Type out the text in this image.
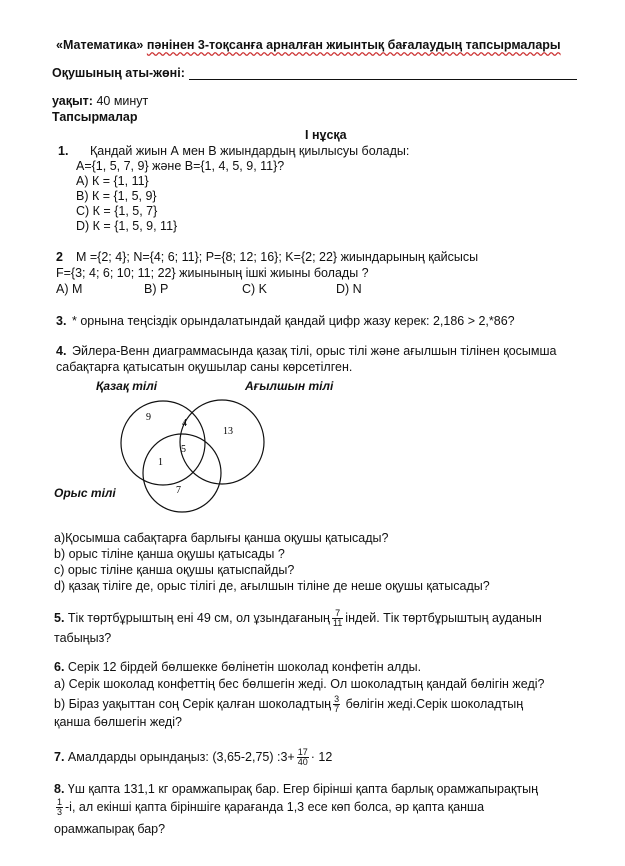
«Математика» пәнінен 3-тоқсанға арналған жиынтық бағалаудың тапсырмалары
Оқушының аты-жөні:
уақыт: 40 минут
Тапсырмалар
I нұсқа
1. Қандай жиын А мен В жиындардың қиылысуы болады:
А={1, 5, 7, 9} және В={1, 4, 5, 9, 11}?
А) К = {1, 11}
В) К = {1, 5, 9}
С) К = {1, 5, 7}
D) К = {1, 5, 9, 11}
2 M ={2; 4}; N={4; 6; 11}; P={8; 12; 16}; K={2; 22} жиындарының қайсысы
F={3; 4; 6; 10; 11; 22} жиынының ішкі жиыны болады ?
А) M	В) P	С) K	D) N
3. * орнына теңсіздік орындалатындай қандай цифр жазу керек: 2,186 > 2,*86?
4. Эйлера-Венн диаграммасында қазақ тілі, орыс тілі және ағылшын тілінен қосымша
сабақтарға қатысатын оқушылар саны көрсетілген.
Қазақ тілі	Ағылшын тілі
Орыс тілі
9
4
13
5
1
7
а)Қосымша сабақтарға барлығы қанша оқушы қатысады?
b) орыс тіліне қанша оқушы қатысады ?
c) орыс тіліне қанша оқушы қатыспайды?
d) қазақ тіліге де, орыс тілігі де, ағылшын тіліне де неше оқушы қатысады?
5. Тік төртбұрыштың ені 49 см, ол ұзындағаның $\frac{7}{11}$ індей. Тік төртбұрыштың ауданын
табыңыз?
6. Серік 12 бірдей бөлшекке бөлінетін шоколад конфетін алды.
а) Серік шоколад конфеттің бес бөлшегін жеді. Ол шоколадтың қандай бөлігін жеді?
b) Біраз уақыттан соң Серік қалған шоколадтың $\frac{3}{7}$ бөлігін жеді.Серік шоколадтың
қанша бөлшегін жеді?
7. Амалдарды орындаңыз: (3,65-2,75) :3+ $\frac{17}{40} \cdot 12$
8. Үш қапта 131,1 кг орамжапырақ бар. Егер бірінші қапта барлық орамжапырақтың
$\frac{1}{3} -і$, ал екінші қапта біріншіге қарағанда 1,3 есе көп болса, әр қапта қанша
орамжапырақ бар?
